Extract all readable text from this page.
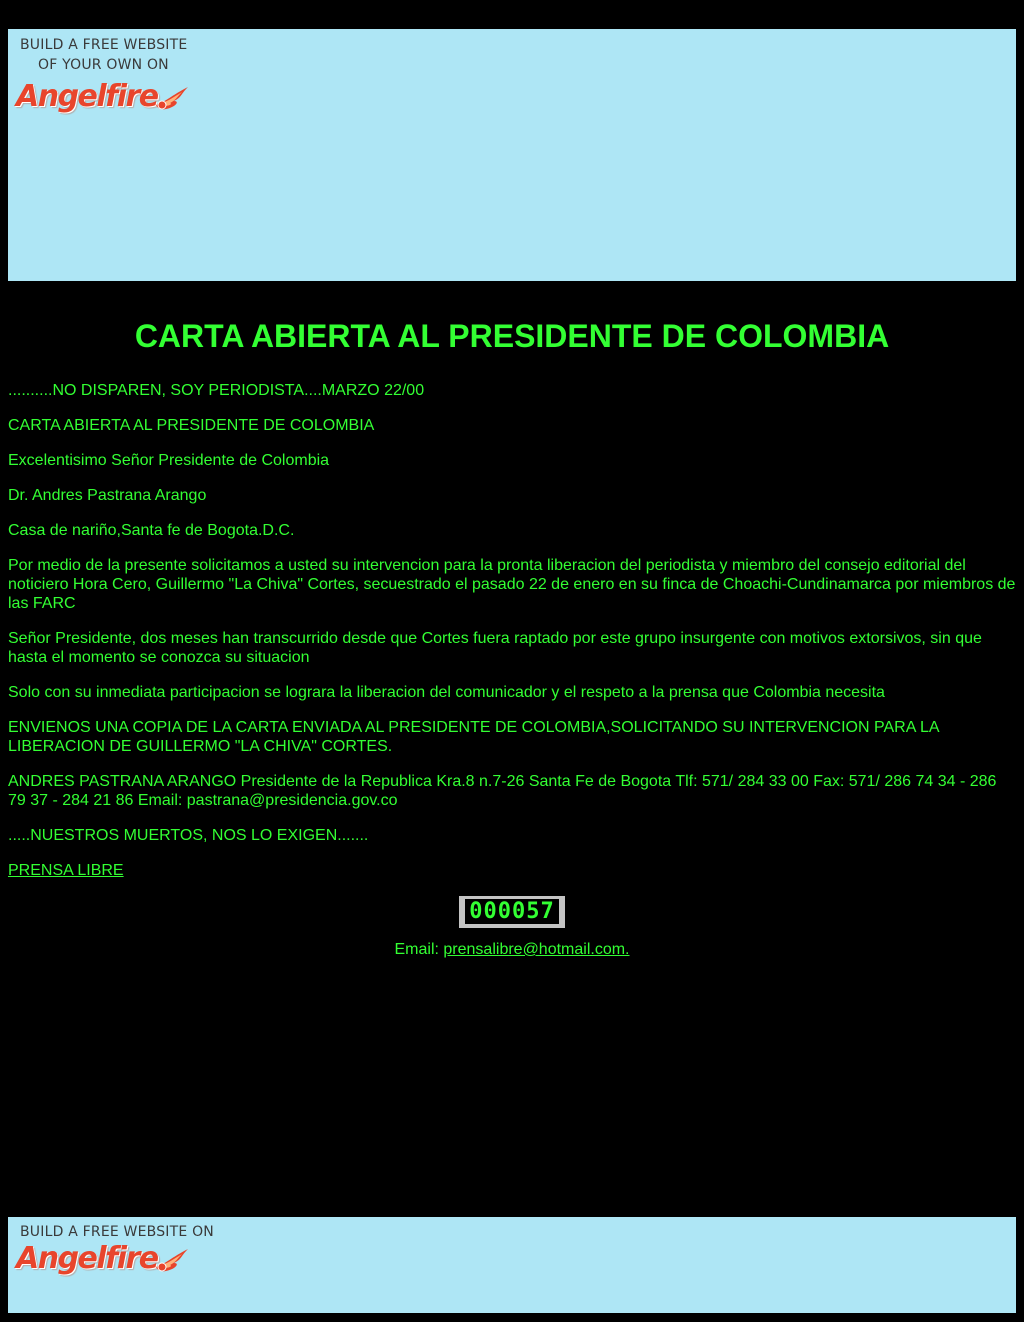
BUILD A FREE WEBSITE
OF YOUR OWN ON
Angelfire
CARTA ABIERTA AL PRESIDENTE DE COLOMBIA

..........NO DISPAREN, SOY PERIODISTA....MARZO 22/00

CARTA ABIERTA AL PRESIDENTE DE COLOMBIA

Excelentisimo Señor Presidente de Colombia

Dr. Andres Pastrana Arango

Casa de nariño,Santa fe de Bogota.D.C.

Por medio de la presente solicitamos a usted su intervencion para la pronta liberacion del periodista y miembro del consejo editorial del noticiero Hora Cero, Guillermo "La Chiva" Cortes, secuestrado el pasado 22 de enero en su finca de Choachi-Cundinamarca por miembros de las FARC

Señor Presidente, dos meses han transcurrido desde que Cortes fuera raptado por este grupo insurgente con motivos extorsivos, sin que hasta el momento se conozca su situacion

Solo con su inmediata participacion se lograra la liberacion del comunicador y el respeto a la prensa que Colombia necesita

ENVIENOS UNA COPIA DE LA CARTA ENVIADA AL PRESIDENTE DE COLOMBIA,SOLICITANDO SU INTERVENCION PARA LA LIBERACION DE GUILLERMO "LA CHIVA" CORTES.

ANDRES PASTRANA ARANGO Presidente de la Republica Kra.8 n.7-26 Santa Fe de Bogota Tlf: 571/ 284 33 00 Fax: 571/ 286 74 34 - 286 79 37 - 284 21 86 Email: pastrana@presidencia.gov.co

.....NUESTROS MUERTOS, NOS LO EXIGEN.......

PRENSA LIBRE

000057
Email: prensalibre@hotmail.com.
BUILD A FREE WEBSITE ON
Angelfire
